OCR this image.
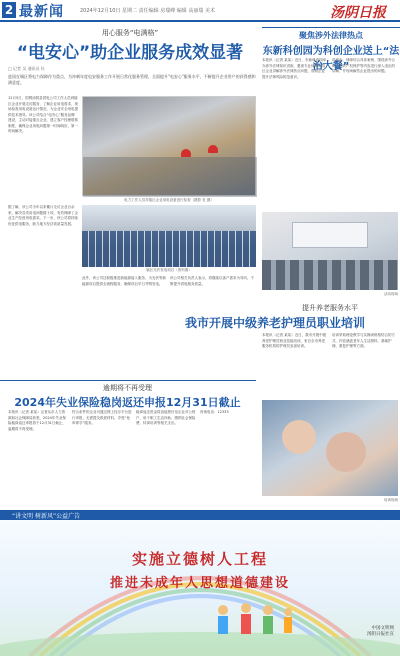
2 最新闻	2024年12月10日 星期二 责任编辑 房瑞峰 编辑 高丽瑞 美术	汤阴日报
用心服务“电满格”
“电安心”助企业服务成效显著
□ 记者 吴 通讯员 杜
进国在城区将电力保障作为重点，为冲刺年度电安服务工作开展日常化服务管理，全面提升"电安心"服务水平，不断提升企业用户的获得感和满意度。
12月5日，国网汤阴县供电公司工作人员到辖区企业开展走访服务，了解企业用电需求，现场检查用电设备运行情况，为企业安全用电提供技术指导。该公司结合“电安心”服务品牌建设，主动对接重点企业，建立客户经理联系制度，确保企业用电问题第一时间响应、第一时间解决。
电力工作人员对辖区企业用电设备进行检查（摄影 杜 摄）
据了解，该公司今年以来累计走访企业百余家，解决各类用电问题数十项，有效保障了企业生产经营用电需求。下一步，该公司将持续优化供电服务，助力地方经济高质量发展。
辖区光伏发电项目（资料图）
此外，该公司还积极推进新能源接入服务，为光伏等新能源项目提供全流程服务，确保项目早日并网发电。
该公司相关负责人表示，将继续以客户需求为导向，不断提升供电服务质量。
聚焦涉外法律热点
东新科创园为科创企业送上“法治大餐”
本报讯（记者 某某）近日，东新科创园举办涉外法律知识讲座，邀请专业律师为园区企业讲解涉外法律热点问题，帮助企业提升法律风险防范意识。
讲座中，律师结合具体案例，围绕涉外合同、知识产权保护等内容进行深入浅出的讲解，并现场解答企业提出的问题。
活动现场
提升养老服务水平
我市开展中级养老护理员职业培训
本报讯（记者 某某）近日，我市开展中级养老护理员职业技能培训，来自全市养老服务机构的护理员参加培训。
培训采取理论教学与实操训练相结合的方式，内容涵盖老年人生活照料、基础护理、康复护理等方面。
培训现场
逾期将不再受理
2024年失业保险稳岗返还申报12月31日截止
本报讯（记者 某某）记者从市人力资源和社会保障局获悉，2024年失业保险稳岗返还申报将于12月31日截止，逾期将不再受理。
符合条件的企业可通过网上经办平台进行申报，无需提交纸质材料，享受“免申即享”服务。
稳岗返还资金将直接拨付至企业对公账户，用于职工生活补助、缴纳社会保险费、转岗培训等相关支出。
咨询电话：12333
“讲文明 树新风”公益广告
实施立德树人工程
推进未成年人思想道德建设
中国文明网
汤阴日报社宣
